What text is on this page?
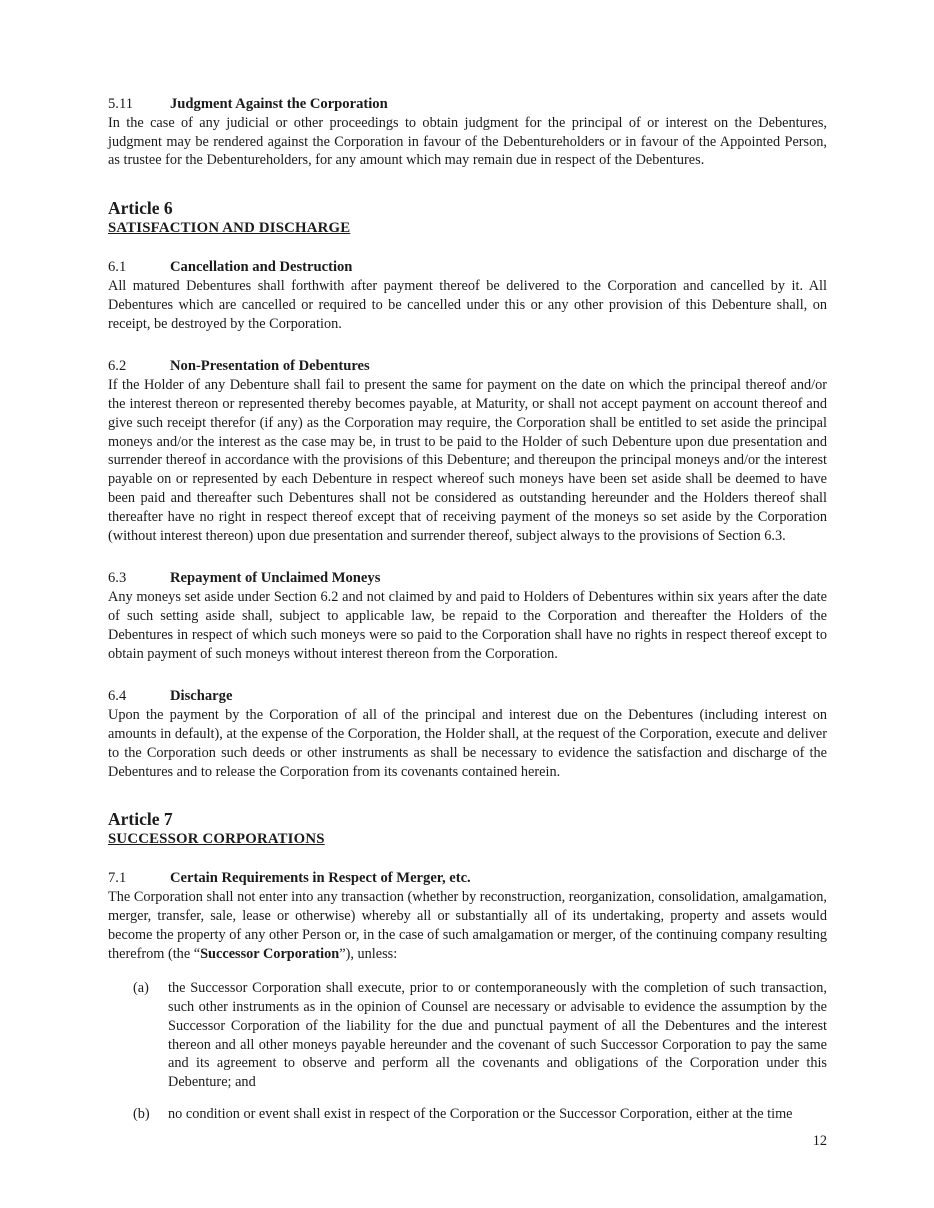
5.11	Judgment Against the Corporation

In the case of any judicial or other proceedings to obtain judgment for the principal of or interest on the Debentures, judgment may be rendered against the Corporation in favour of the Debentureholders or in favour of the Appointed Person, as trustee for the Debentureholders, for any amount which may remain due in respect of the Debentures.

Article 6
SATISFACTION AND DISCHARGE
6.1	Cancellation and Destruction

All matured Debentures shall forthwith after payment thereof be delivered to the Corporation and cancelled by it. All Debentures which are cancelled or required to be cancelled under this or any other provision of this Debenture shall, on receipt, be destroyed by the Corporation.

6.2	Non-Presentation of Debentures

If the Holder of any Debenture shall fail to present the same for payment on the date on which the principal thereof and/or the interest thereon or represented thereby becomes payable, at Maturity, or shall not accept payment on account thereof and give such receipt therefor (if any) as the Corporation may require, the Corporation shall be entitled to set aside the principal moneys and/or the interest as the case may be, in trust to be paid to the Holder of such Debenture upon due presentation and surrender thereof in accordance with the provisions of this Debenture; and thereupon the principal moneys and/or the interest payable on or represented by each Debenture in respect whereof such moneys have been set aside shall be deemed to have been paid and thereafter such Debentures shall not be considered as outstanding hereunder and the Holders thereof shall thereafter have no right in respect thereof except that of receiving payment of the moneys so set aside by the Corporation (without interest thereon) upon due presentation and surrender thereof, subject always to the provisions of Section 6.3.

6.3	Repayment of Unclaimed Moneys

Any moneys set aside under Section 6.2 and not claimed by and paid to Holders of Debentures within six years after the date of such setting aside shall, subject to applicable law, be repaid to the Corporation and thereafter the Holders of the Debentures in respect of which such moneys were so paid to the Corporation shall have no rights in respect thereof except to obtain payment of such moneys without interest thereon from the Corporation.

6.4	Discharge

Upon the payment by the Corporation of all of the principal and interest due on the Debentures (including interest on amounts in default), at the expense of the Corporation, the Holder shall, at the request of the Corporation, execute and deliver to the Corporation such deeds or other instruments as shall be necessary to evidence the satisfaction and discharge of the Debentures and to release the Corporation from its covenants contained herein.

Article 7
SUCCESSOR CORPORATIONS
7.1	Certain Requirements in Respect of Merger, etc.

The Corporation shall not enter into any transaction (whether by reconstruction, reorganization, consolidation, amalgamation, merger, transfer, sale, lease or otherwise) whereby all or substantially all of its undertaking, property and assets would become the property of any other Person or, in the case of such amalgamation or merger, of the continuing company resulting therefrom (the “Successor Corporation”), unless:

(a)	the Successor Corporation shall execute, prior to or contemporaneously with the completion of such transaction, such other instruments as in the opinion of Counsel are necessary or advisable to evidence the assumption by the Successor Corporation of the liability for the due and punctual payment of all the Debentures and the interest thereon and all other moneys payable hereunder and the covenant of such Successor Corporation to pay the same and its agreement to observe and perform all the covenants and obligations of the Corporation under this Debenture; and
(b)	no condition or event shall exist in respect of the Corporation or the Successor Corporation, either at the time
12
